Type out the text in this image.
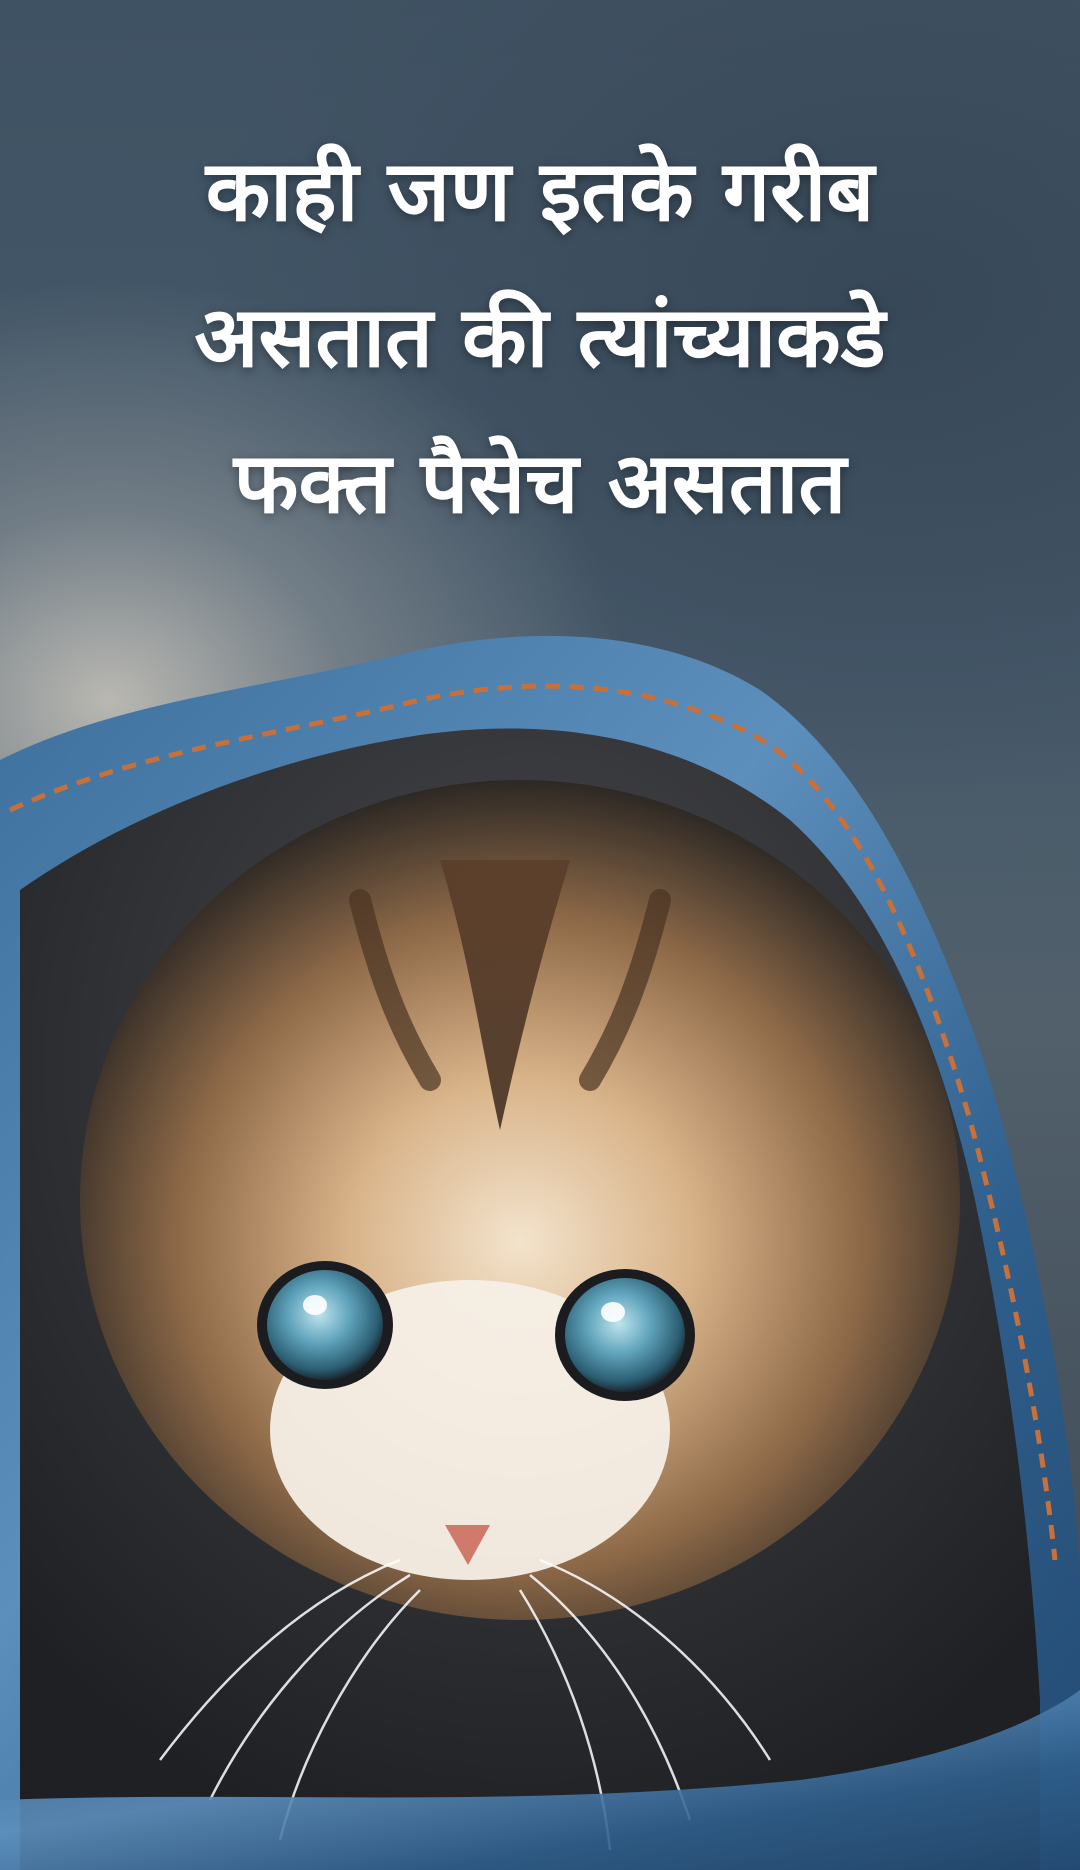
काही जण इतके गरीब
असतात की त्यांच्याकडे
फक्त पैसेच असतात
